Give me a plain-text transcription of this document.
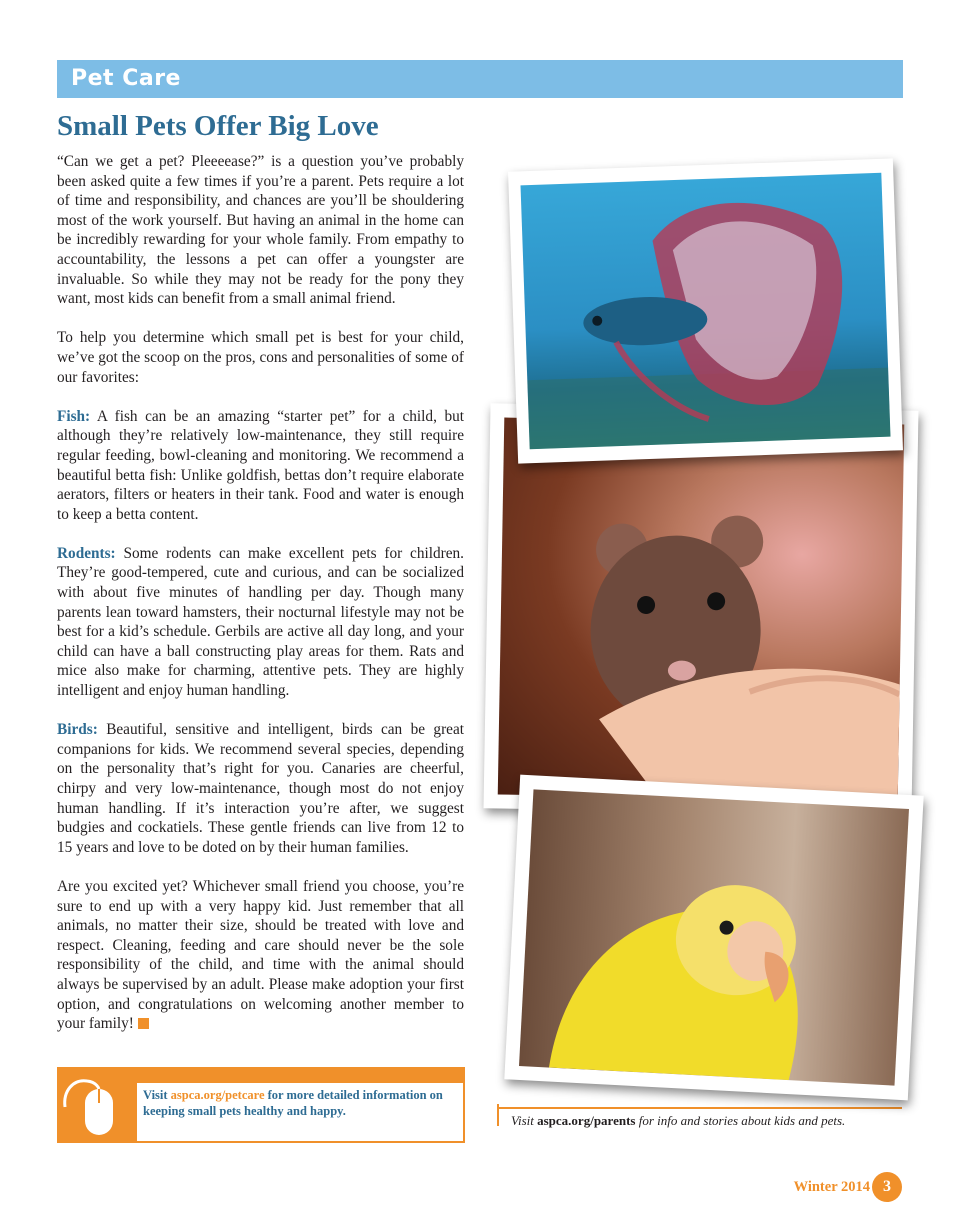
Pet Care
Small Pets Offer Big Love

“Can we get a pet? Pleeeease?” is a question you’ve probably been asked quite a few times if you’re a parent. Pets require a lot of time and responsibility, and chances are you’ll be shouldering most of the work yourself. But having an animal in the home can be incredibly rewarding for your whole family. From empathy to accountability, the lessons a pet can offer a youngster are invaluable. So while they may not be ready for the pony they want, most kids can benefit from a small animal friend.

To help you determine which small pet is best for your child, we’ve got the scoop on the pros, cons and personalities of some of our favorites:

Fish: A fish can be an amazing “starter pet” for a child, but although they’re relatively low-maintenance, they still require regular feeding, bowl-cleaning and monitoring. We recommend a beautiful betta fish: Unlike goldfish, bettas don’t require elaborate aerators, filters or heaters in their tank. Food and water is enough to keep a betta content.

Rodents: Some rodents can make excellent pets for children. They’re good-tempered, cute and curious, and can be socialized with about five minutes of handling per day. Though many parents lean toward hamsters, their nocturnal lifestyle may not be best for a kid’s schedule. Gerbils are active all day long, and your child can have a ball constructing play areas for them. Rats and mice also make for charming, attentive pets. They are highly intelligent and enjoy human handling.

Birds: Beautiful, sensitive and intelligent, birds can be great companions for kids. We recommend several species, depending on the personality that’s right for you. Canaries are cheerful, chirpy and very low-maintenance, though most do not enjoy human handling. If it’s interaction you’re after, we suggest budgies and cockatiels. These gentle friends can live from 12 to 15 years and love to be doted on by their human families.

Are you excited yet? Whichever small friend you choose, you’re sure to end up with a very happy kid. Just remember that all animals, no matter their size, should be treated with love and respect. Cleaning, feeding and care should never be the sole responsibility of the child, and time with the animal should always be supervised by an adult. Please make adoption your first option, and congratulations on welcoming another member to your family!

Visit aspca.org/petcare for more detailed information on keeping small pets healthy and happy.
Visit aspca.org/parents for info and stories about kids and pets.
Winter 2014 3
